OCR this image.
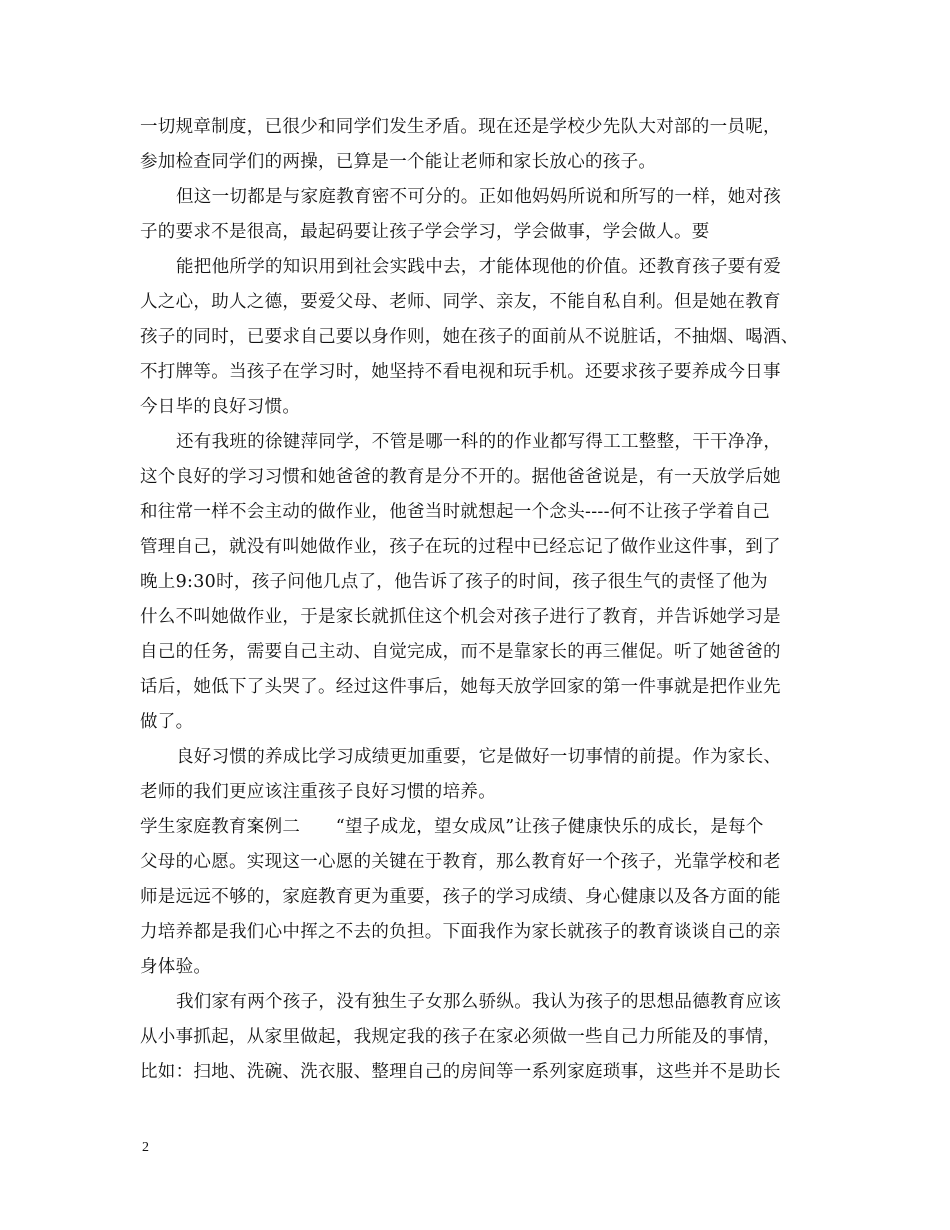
一切规章制度，已很少和同学们发生矛盾。现在还是学校少先队大对部的一员呢，
参加检查同学们的两操，已算是一个能让老师和家长放心的孩子。
但这一切都是与家庭教育密不可分的。正如他妈妈所说和所写的一样，她对孩
子的要求不是很高，最起码要让孩子学会学习，学会做事，学会做人。要
能把他所学的知识用到社会实践中去，才能体现他的价值。还教育孩子要有爱
人之心，助人之德，要爱父母、老师、同学、亲友，不能自私自利。但是她在教育
孩子的同时，已要求自己要以身作则，她在孩子的面前从不说脏话，不抽烟、喝酒、
不打牌等。当孩子在学习时，她坚持不看电视和玩手机。还要求孩子要养成今日事
今日毕的良好习惯。
还有我班的徐键萍同学，不管是哪一科的的作业都写得工工整整，干干净净，
这个良好的学习习惯和她爸爸的教育是分不开的。据他爸爸说是，有一天放学后她
和往常一样不会主动的做作业，他爸当时就想起一个念头----何不让孩子学着自己
管理自己，就没有叫她做作业，孩子在玩的过程中已经忘记了做作业这件事，到了
晚上9:30时，孩子问他几点了，他告诉了孩子的时间，孩子很生气的责怪了他为
什么不叫她做作业，于是家长就抓住这个机会对孩子进行了教育，并告诉她学习是
自己的任务，需要自己主动、自觉完成，而不是靠家长的再三催促。听了她爸爸的
话后，她低下了头哭了。经过这件事后，她每天放学回家的第一件事就是把作业先
做了。
良好习惯的养成比学习成绩更加重要，它是做好一切事情的前提。作为家长、
老师的我们更应该注重孩子良好习惯的培养。
学生家庭教育案例二　　“望子成龙，望女成凤”让孩子健康快乐的成长，是每个
父母的心愿。实现这一心愿的关键在于教育，那么教育好一个孩子，光靠学校和老
师是远远不够的，家庭教育更为重要，孩子的学习成绩、身心健康以及各方面的能
力培养都是我们心中挥之不去的负担。下面我作为家长就孩子的教育谈谈自己的亲
身体验。
我们家有两个孩子，没有独生子女那么骄纵。我认为孩子的思想品德教育应该
从小事抓起，从家里做起，我规定我的孩子在家必须做一些自己力所能及的事情，
比如：扫地、洗碗、洗衣服、整理自己的房间等一系列家庭琐事，这些并不是助长
2
